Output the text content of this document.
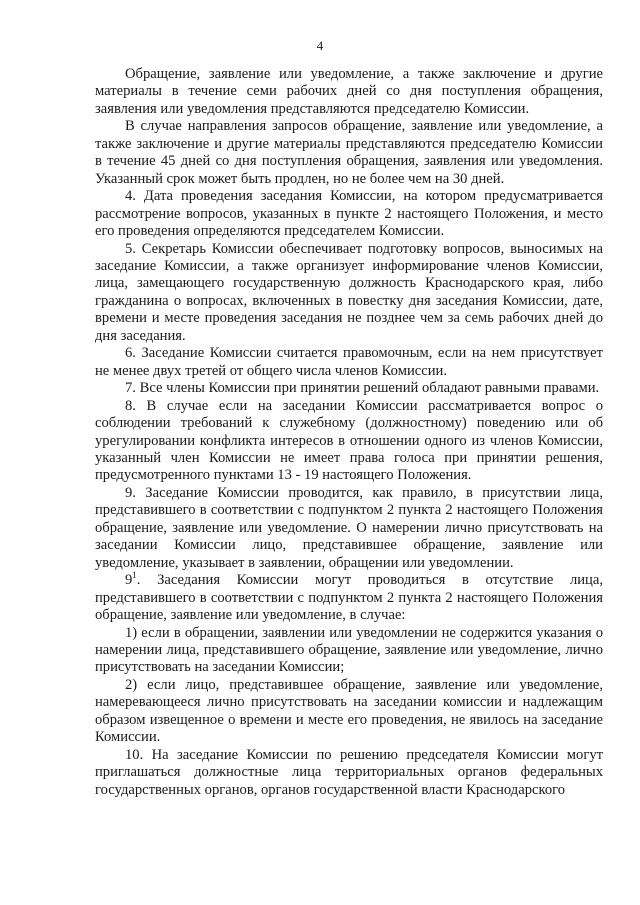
4

Обращение, заявление или уведомление, а также заключение и другие материалы в течение семи рабочих дней со дня поступления обращения, заявления или уведомления представляются председателю Комиссии.

В случае направления запросов обращение, заявление или уведомление, а также заключение и другие материалы представляются председателю Комиссии в течение 45 дней со дня поступления обращения, заявления или уведомления. Указанный срок может быть продлен, но не более чем на 30 дней.

4. Дата проведения заседания Комиссии, на котором предусматривается рассмотрение вопросов, указанных в пункте 2 настоящего Положения, и место его проведения определяются председателем Комиссии.

5. Секретарь Комиссии обеспечивает подготовку вопросов, выносимых на заседание Комиссии, а также организует информирование членов Комиссии, лица, замещающего государственную должность Краснодарского края, либо гражданина о вопросах, включенных в повестку дня заседания Комиссии, дате, времени и месте проведения заседания не позднее чем за семь рабочих дней до дня заседания.

6. Заседание Комиссии считается правомочным, если на нем присутствует не менее двух третей от общего числа членов Комиссии.

7. Все члены Комиссии при принятии решений обладают равными правами.

8. В случае если на заседании Комиссии рассматривается вопрос о соблюдении требований к служебному (должностному) поведению или об урегулировании конфликта интересов в отношении одного из членов Комиссии, указанный член Комиссии не имеет права голоса при принятии решения, предусмотренного пунктами 13 - 19 настоящего Положения.

9. Заседание Комиссии проводится, как правило, в присутствии лица, представившего в соответствии с подпунктом 2 пункта 2 настоящего Положения обращение, заявление или уведомление. О намерении лично присутствовать на заседании Комиссии лицо, представившее обращение, заявление или уведомление, указывает в заявлении, обращении или уведомлении.

$9^1$. Заседания Комиссии могут проводиться в отсутствие лица, представившего в соответствии с подпунктом 2 пункта 2 настоящего Положения обращение, заявление или уведомление, в случае:

1) если в обращении, заявлении или уведомлении не содержится указания о намерении лица, представившего обращение, заявление или уведомление, лично присутствовать на заседании Комиссии;

2) если лицо, представившее обращение, заявление или уведомление, намеревающееся лично присутствовать на заседании комиссии и надлежащим образом извещенное о времени и месте его проведения, не явилось на заседание Комиссии.

10. На заседание Комиссии по решению председателя Комиссии могут приглашаться должностные лица территориальных органов федеральных государственных органов, органов государственной власти Краснодарского
